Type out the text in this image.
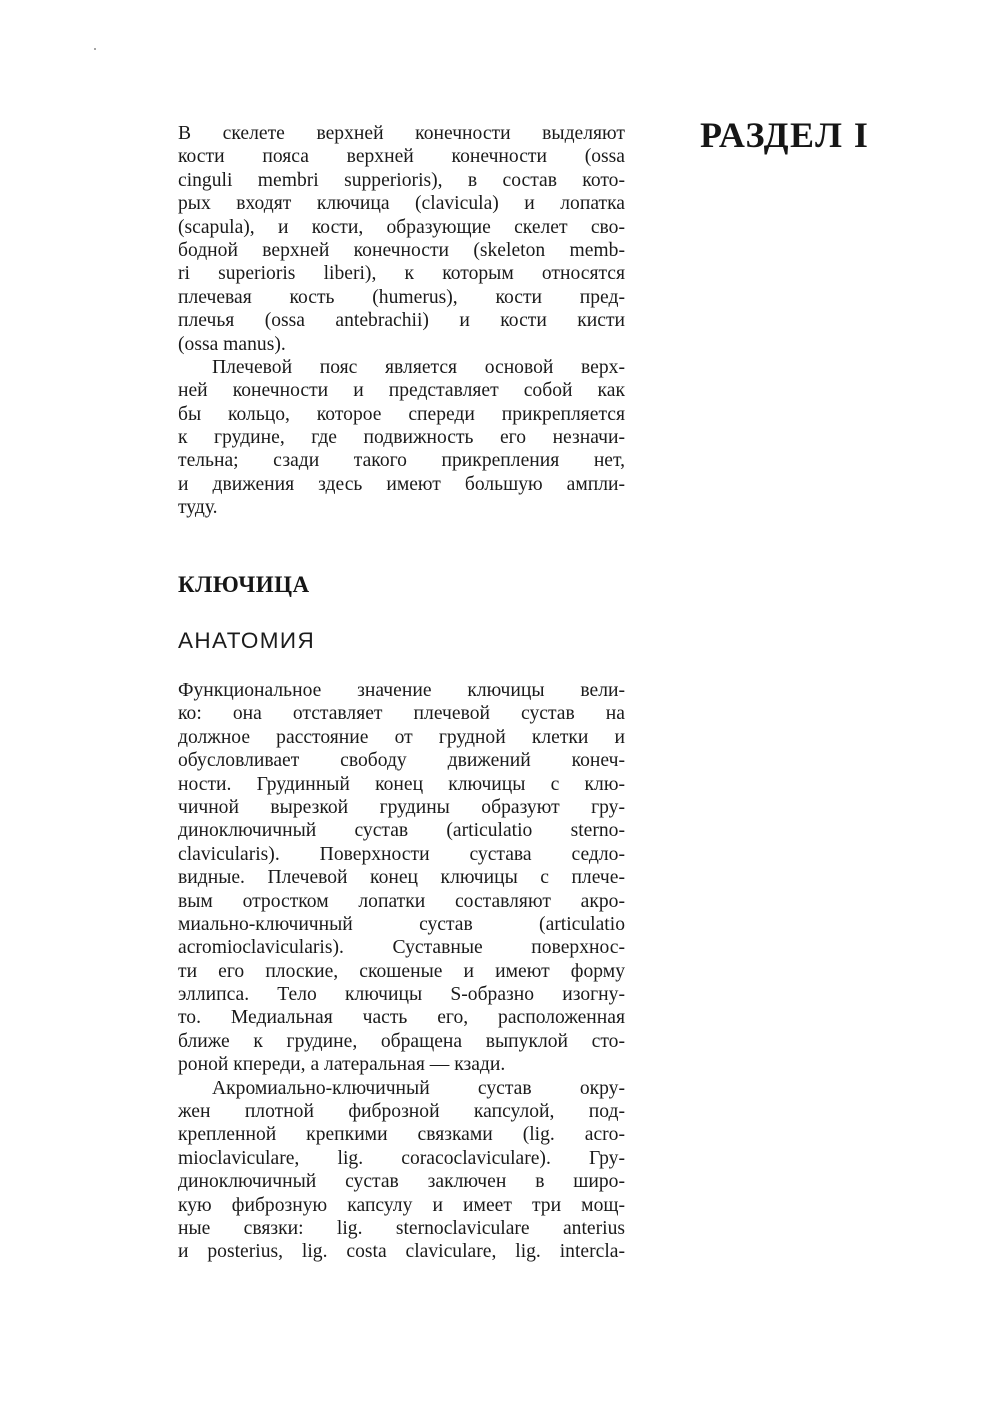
РАЗДЕЛ I
В скелете верхней конечности выделяют
кости пояса верхней конечности (ossa
cinguli membri supperioris), в состав кото-
рых входят ключица (clavicula) и лопатка
(scapula), и кости, образующие скелет сво-
бодной верхней конечности (skeleton memb-
ri superioris liberi), к которым относятся
плечевая кость (humerus), кости пред-
плечья (ossa antebrachii) и кости кисти
(ossa manus).
Плечевой пояс является основой верх-
ней конечности и представляет собой как
бы кольцо, которое спереди прикрепляется
к грудине, где подвижность его незначи-
тельна; сзади такого прикрепления нет,
и движения здесь имеют большую ампли-
туду.
КЛЮЧИЦА
АНАТОМИЯ
Функциональное значение ключицы вели-
ко: она отставляет плечевой сустав на
должное расстояние от грудной клетки и
обусловливает свободу движений конеч-
ности. Грудинный конец ключицы с клю-
чичной вырезкой грудины образуют гру-
диноключичный сустав (articulatio sterno-
clavicularis). Поверхности сустава седло-
видные. Плечевой конец ключицы с плече-
вым отростком лопатки составляют акро-
миально-ключичный сустав (articulatio
acromioclavicularis). Суставные поверхнос-
ти его плоские, скошеные и имеют форму
эллипса. Тело ключицы S-образно изогну-
то. Медиальная часть его, расположенная
ближе к грудине, обращена выпуклой сто-
роной кпереди, а латеральная — кзади.
Акромиально-ключичный сустав окру-
жен плотной фиброзной капсулой, под-
крепленной крепкими связками (lig. acro-
mioclaviculare, lig. coracoclaviculare). Гру-
диноключичный сустав заключен в широ-
кую фиброзную капсулу и имеет три мощ-
ные связки: lig. sternoclaviculare anterius
и posterius, lig. costa claviculare, lig. intercla-
